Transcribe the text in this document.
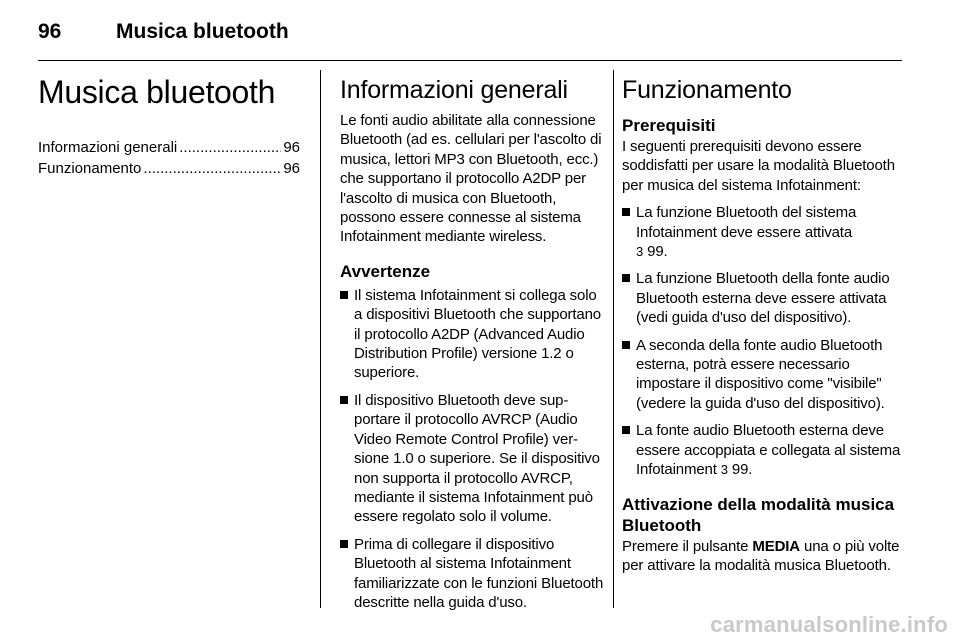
96	Musica bluetooth
Musica bluetooth
Informazioni generali .....	96
Funzionamento .....	96
Informazioni generali

Le fonti audio abilitate alla connessione Bluetooth (ad es. cellulari per l'ascolto di musica, lettori MP3 con Bluetooth, ecc.) che supportano il protocollo A2DP per l'ascolto di musica con Bluetooth, possono essere connesse al sistema Infotainment mediante wireless.

Avvertenze
Il sistema Infotainment si collega solo a dispositivi Bluetooth che supportano il protocollo A2DP (Advanced Audio Distribution Profile) versione 1.2 o superiore.
Il dispositivo Bluetooth deve supportare il protocollo AVRCP (Audio Video Remote Control Profile) versione 1.0 o superiore. Se il dispositivo non supporta il protocollo AVRCP, mediante il sistema Infotainment può essere regolato solo il volume.
Prima di collegare il dispositivo Bluetooth al sistema Infotainment familiarizzate con le funzioni Bluetooth descritte nella guida d'uso.
Funzionamento
Prerequisiti

I seguenti prerequisiti devono essere soddisfatti per usare la modalità Bluetooth per musica del sistema Infotainment:

La funzione Bluetooth del sistema Infotainment deve essere attivata
3 99.
La funzione Bluetooth della fonte audio Bluetooth esterna deve essere attivata (vedi guida d'uso del dispositivo).
A seconda della fonte audio Bluetooth esterna, potrà essere necessario impostare il dispositivo come "visibile" (vedere la guida d'uso del dispositivo).
La fonte audio Bluetooth esterna deve essere accoppiata e collegata al sistema Infotainment 3 99.
Attivazione della modalità musica Bluetooth

Premere il pulsante MEDIA una o più volte per attivare la modalità musica Bluetooth.

carmanualsonline.info
